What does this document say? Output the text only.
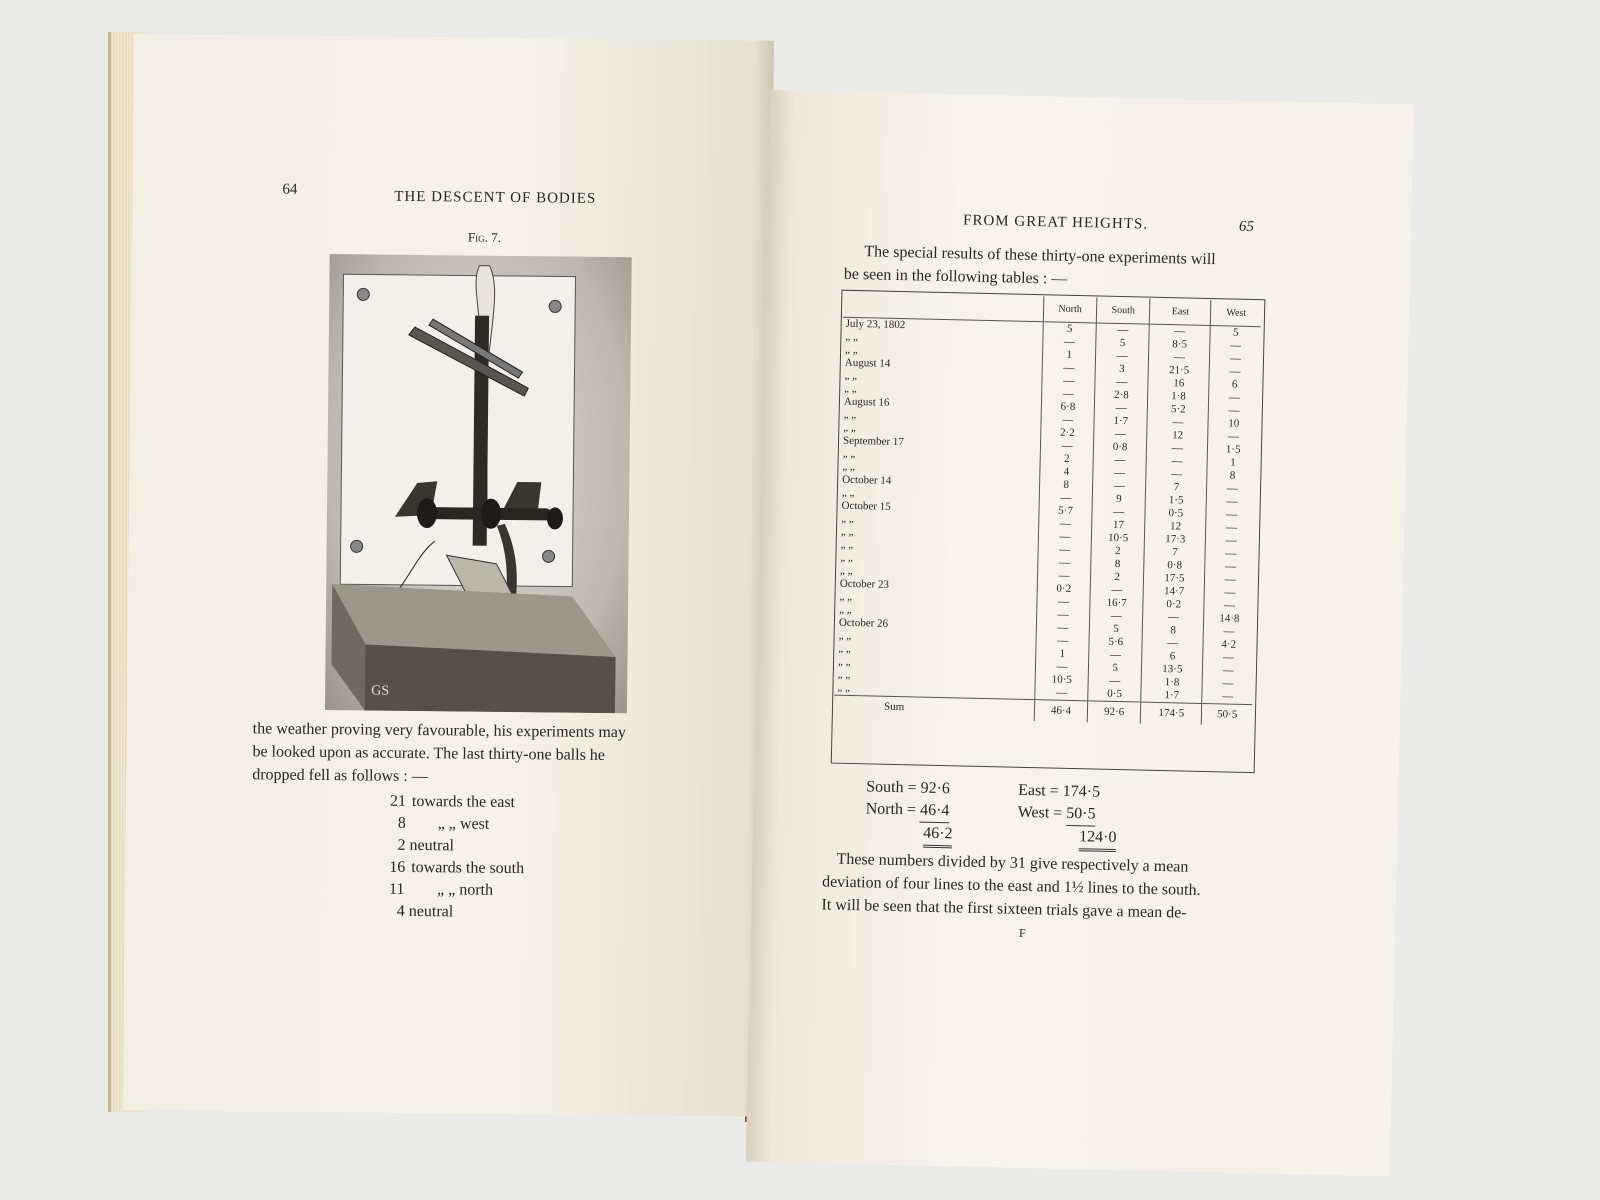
64	THE DESCENT OF BODIES
Fig. 7.
GS

the weather proving very favourable, his experiments may

be looked upon as accurate. The last thirty-one balls he

dropped fell as follows : —

21 towards the east
8 „ „ west
2 neutral
16 towards the south
11 „ „ north
4 neutral
FROM GREAT HEIGHTS.	65

The special results of these thirty-one experiments will

be seen in the following tables : —

	North	South	East	West
July 23, 1802	5	—	—	5
„ „	—	5	8·5	—
„ „	1	—	—	—
August 14	—	3	21·5	—
„ „	—	—	16	6
„ „	—	2·8	1·8	—
August 16	6·8	—	5·2	—
„ „	—	1·7	—	10
„ „	2·2	—	12	—
September 17	—	0·8	—	1·5
„ „	2	—	—	1
„ „	4	—	—	8
October 14	8	—	7	—
„ „	—	9	1·5	—
October 15	5·7	—	0·5	—
„ „	—	17	12	—
„ „	—	10·5	17·3	—
„ „	—	2	7	—
„ „	—	8	0·8	—
„ „	—	2	17·5	—
October 23	0·2	—	14·7	—
„ „	—	16·7	0·2	—
„ „	—	—	—	14·8
October 26	—	5	8	—
„ „	—	5·6	—	4·2
„ „	1	—	6	—
„ „	—	5	13·5	—
„ „	10·5	—	1·8	—
„ „	—	0·5	1·7	—
Sum	46·4	92·6	174·5	50·5
South = 92·6
North = 46·4
46·2
East = 174·5
West = 50·5
124·0

These numbers divided by 31 give respectively a mean

deviation of four lines to the east and 1½ lines to the south.

It will be seen that the first sixteen trials gave a mean de-

F
